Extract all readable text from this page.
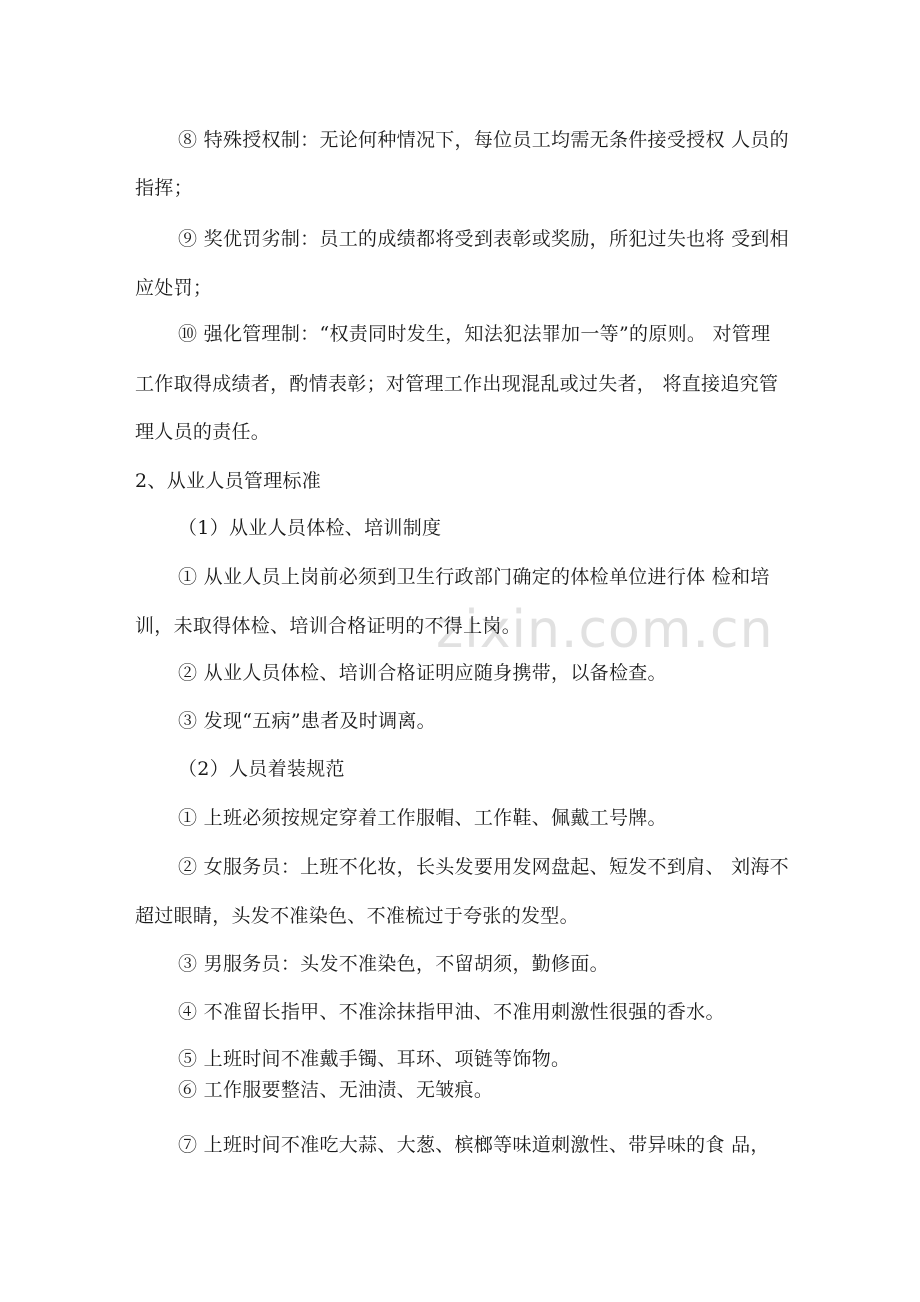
zixin.com.cn
⑧ 特殊授权制：无论何种情况下，每位员工均需无条件接受授权 人员的
指挥；
⑨ 奖优罚劣制：员工的成绩都将受到表彰或奖励，所犯过失也将 受到相
应处罚；
⑩ 强化管理制：“权责同时发生，知法犯法罪加一等”的原则。 对管理
工作取得成绩者，酌情表彰；对管理工作出现混乱或过失者， 将直接追究管
理人员的责任。
2、从业人员管理标准
（1）从业人员体检、培训制度
① 从业人员上岗前必须到卫生行政部门确定的体检单位进行体 检和培
训，未取得体检、培训合格证明的不得上岗。
② 从业人员体检、培训合格证明应随身携带，以备检查。
③ 发现“五病”患者及时调离。
（2）人员着装规范
① 上班必须按规定穿着工作服帽、工作鞋、佩戴工号牌。
② 女服务员：上班不化妆，长头发要用发网盘起、短发不到肩、 刘海不
超过眼睛，头发不准染色、不准梳过于夸张的发型。
③ 男服务员：头发不准染色，不留胡须，勤修面。
④ 不准留长指甲、不准涂抹指甲油、不准用刺激性很强的香水。
⑤ 上班时间不准戴手镯、耳环、项链等饰物。
⑥ 工作服要整洁、无油渍、无皱痕。
⑦ 上班时间不准吃大蒜、大葱、槟榔等味道刺激性、带异味的食 品，
